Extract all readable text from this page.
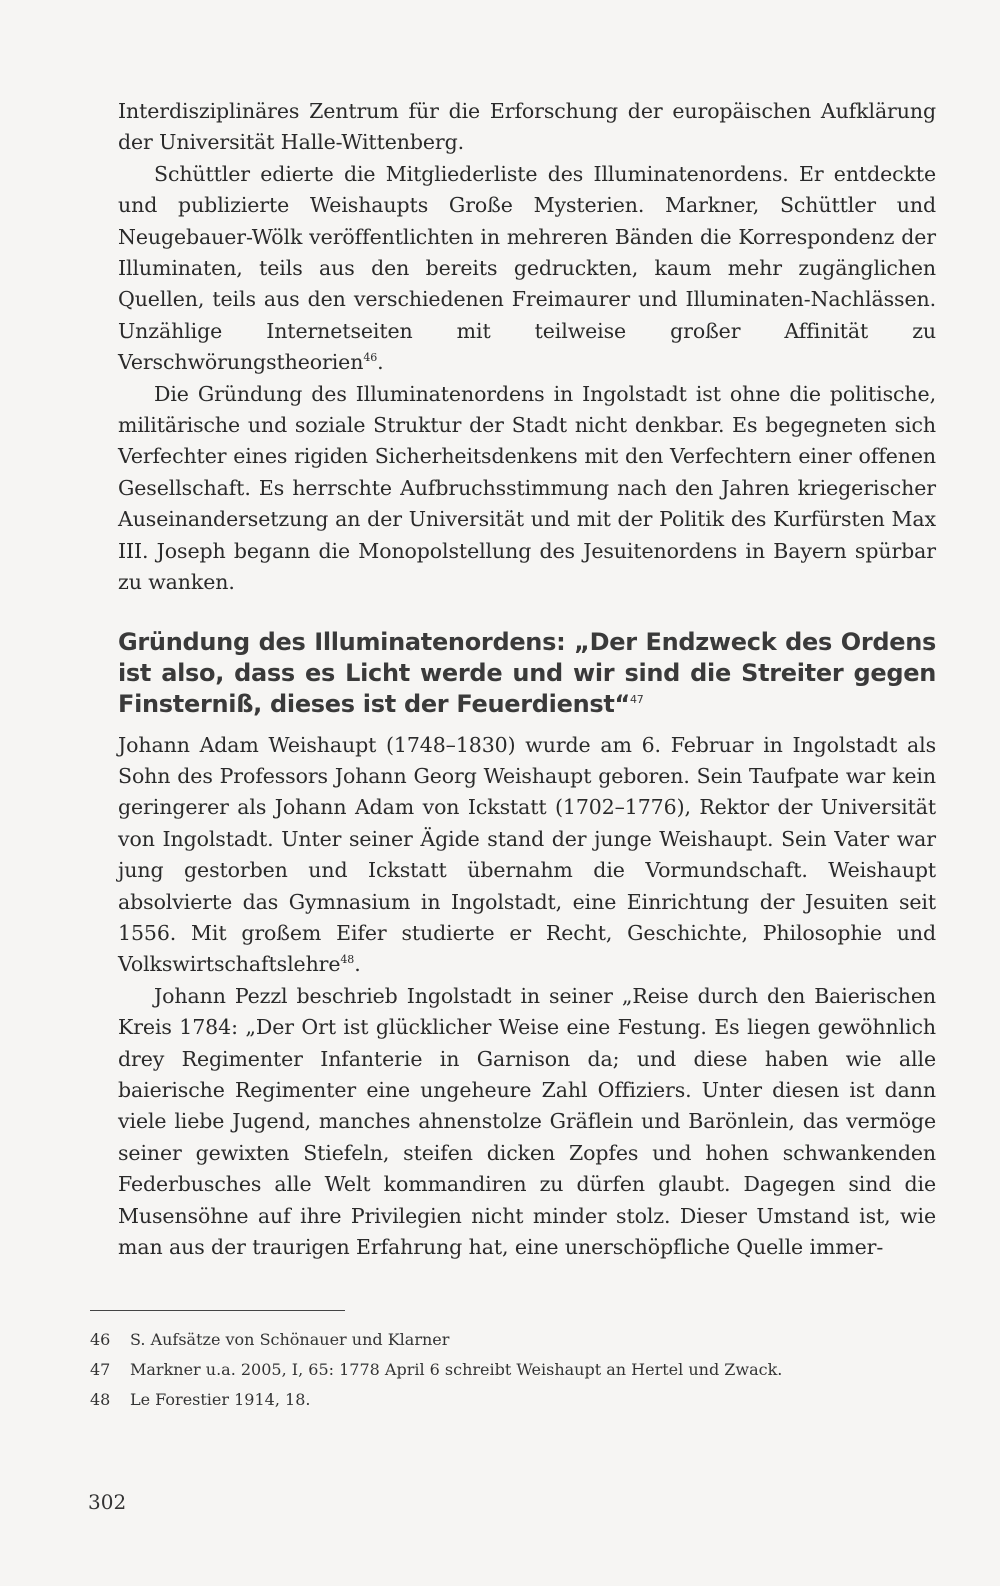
Interdisziplinäres Zentrum für die Erforschung der europäischen Aufklärung der Universität Halle-Wittenberg.

Schüttler edierte die Mitgliederliste des Illuminatenordens. Er entdeckte und publizierte Weishaupts Große Mysterien. Markner, Schüttler und Neugebauer-Wölk veröffentlichten in mehreren Bänden die Korrespondenz der Illuminaten, teils aus den bereits gedruckten, kaum mehr zugänglichen Quellen, teils aus den verschiedenen Freimaurer und Illuminaten-Nachlässen. Unzählige Internetseiten mit teilweise großer Affinität zu Verschwörungstheorien$^{46}$.

Die Gründung des Illuminatenordens in Ingolstadt ist ohne die politische, militärische und soziale Struktur der Stadt nicht denkbar. Es begegneten sich Verfechter eines rigiden Sicherheitsdenkens mit den Verfechtern einer offenen Gesellschaft. Es herrschte Aufbruchsstimmung nach den Jahren kriegerischer Auseinandersetzung an der Universität und mit der Politik des Kurfürsten Max III. Joseph begann die Monopolstellung des Jesuitenordens in Bayern spürbar zu wanken.

Gründung des Illuminatenordens: „Der Endzweck des Ordens ist also, dass es Licht werde und wir sind die Streiter gegen Finsterniß, dieses ist der Feuerdienst“$^{47}$

Johann Adam Weishaupt (1748–1830) wurde am 6. Februar in Ingolstadt als Sohn des Professors Johann Georg Weishaupt geboren. Sein Taufpate war kein geringerer als Johann Adam von Ickstatt (1702–1776), Rektor der Universität von Ingolstadt. Unter seiner Ägide stand der junge Weishaupt. Sein Vater war jung gestorben und Ickstatt übernahm die Vormundschaft. Weishaupt absolvierte das Gymnasium in Ingolstadt, eine Einrichtung der Jesuiten seit 1556. Mit großem Eifer studierte er Recht, Geschichte, Philosophie und Volkswirtschaftslehre$^{48}$.

Johann Pezzl beschrieb Ingolstadt in seiner „Reise durch den Baierischen Kreis 1784: „Der Ort ist glücklicher Weise eine Festung. Es liegen gewöhnlich drey Regimenter Infanterie in Garnison da; und diese haben wie alle baierische Regimenter eine ungeheure Zahl Offiziers. Unter diesen ist dann viele liebe Jugend, manches ahnenstolze Gräflein und Barönlein, das vermöge seiner gewixten Stiefeln, steifen dicken Zopfes und hohen schwankenden Federbusches alle Welt kommandiren zu dürfen glaubt. Dagegen sind die Musensöhne auf ihre Privilegien nicht minder stolz. Dieser Umstand ist, wie man aus der traurigen Erfahrung hat, eine unerschöpfliche Quelle immer-

46	S. Aufsätze von Schönauer und Klarner
47	Markner u.a. 2005, I, 65: 1778 April 6 schreibt Weishaupt an Hertel und Zwack.
48	Le Forestier 1914, 18.
302
